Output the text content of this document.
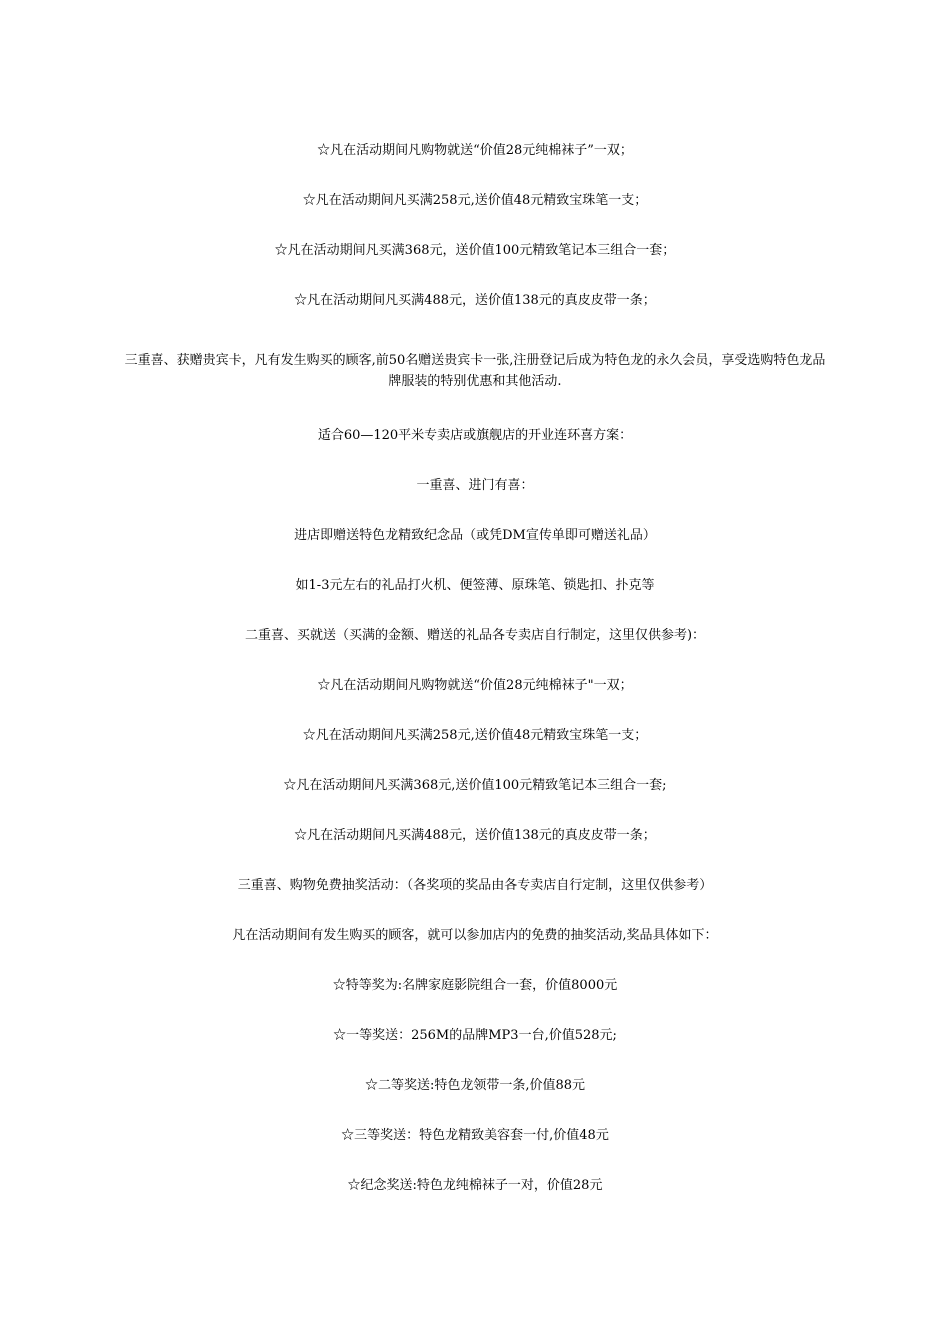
☆凡在活动期间凡购物就送“价值28元纯棉袜子”一双；

☆凡在活动期间凡买满258元,送价值48元精致宝珠笔一支；

☆凡在活动期间凡买满368元，送价值100元精致笔记本三组合一套；

☆凡在活动期间凡买满488元，送价值138元的真皮皮带一条；

三重喜、获赠贵宾卡，凡有发生购买的顾客,前50名赠送贵宾卡一张,注册登记后成为特色龙的永久会员，享受选购特色龙品牌服装的特别优惠和其他活动.

适合60—120平米专卖店或旗舰店的开业连环喜方案：

一重喜、进门有喜：

进店即赠送特色龙精致纪念品（或凭DM宣传单即可赠送礼品）

如1-3元左右的礼品打火机、便签薄、原珠笔、锁匙扣、扑克等

二重喜、买就送（买满的金额、赠送的礼品各专卖店自行制定，这里仅供参考)：

☆凡在活动期间凡购物就送“价值28元纯棉袜子"一双；

☆凡在活动期间凡买满258元,送价值48元精致宝珠笔一支；

☆凡在活动期间凡买满368元,送价值100元精致笔记本三组合一套;

☆凡在活动期间凡买满488元，送价值138元的真皮皮带一条；

三重喜、购物免费抽奖活动：（各奖项的奖品由各专卖店自行定制，这里仅供参考）

凡在活动期间有发生购买的顾客，就可以参加店内的免费的抽奖活动,奖品具体如下：

☆特等奖为:名牌家庭影院组合一套，价值8000元

☆一等奖送：256M的品牌MP3一台,价值528元;

☆二等奖送:特色龙领带一条,价值88元

☆三等奖送：特色龙精致美容套一付,价值48元

☆纪念奖送:特色龙纯棉袜子一对，价值28元
